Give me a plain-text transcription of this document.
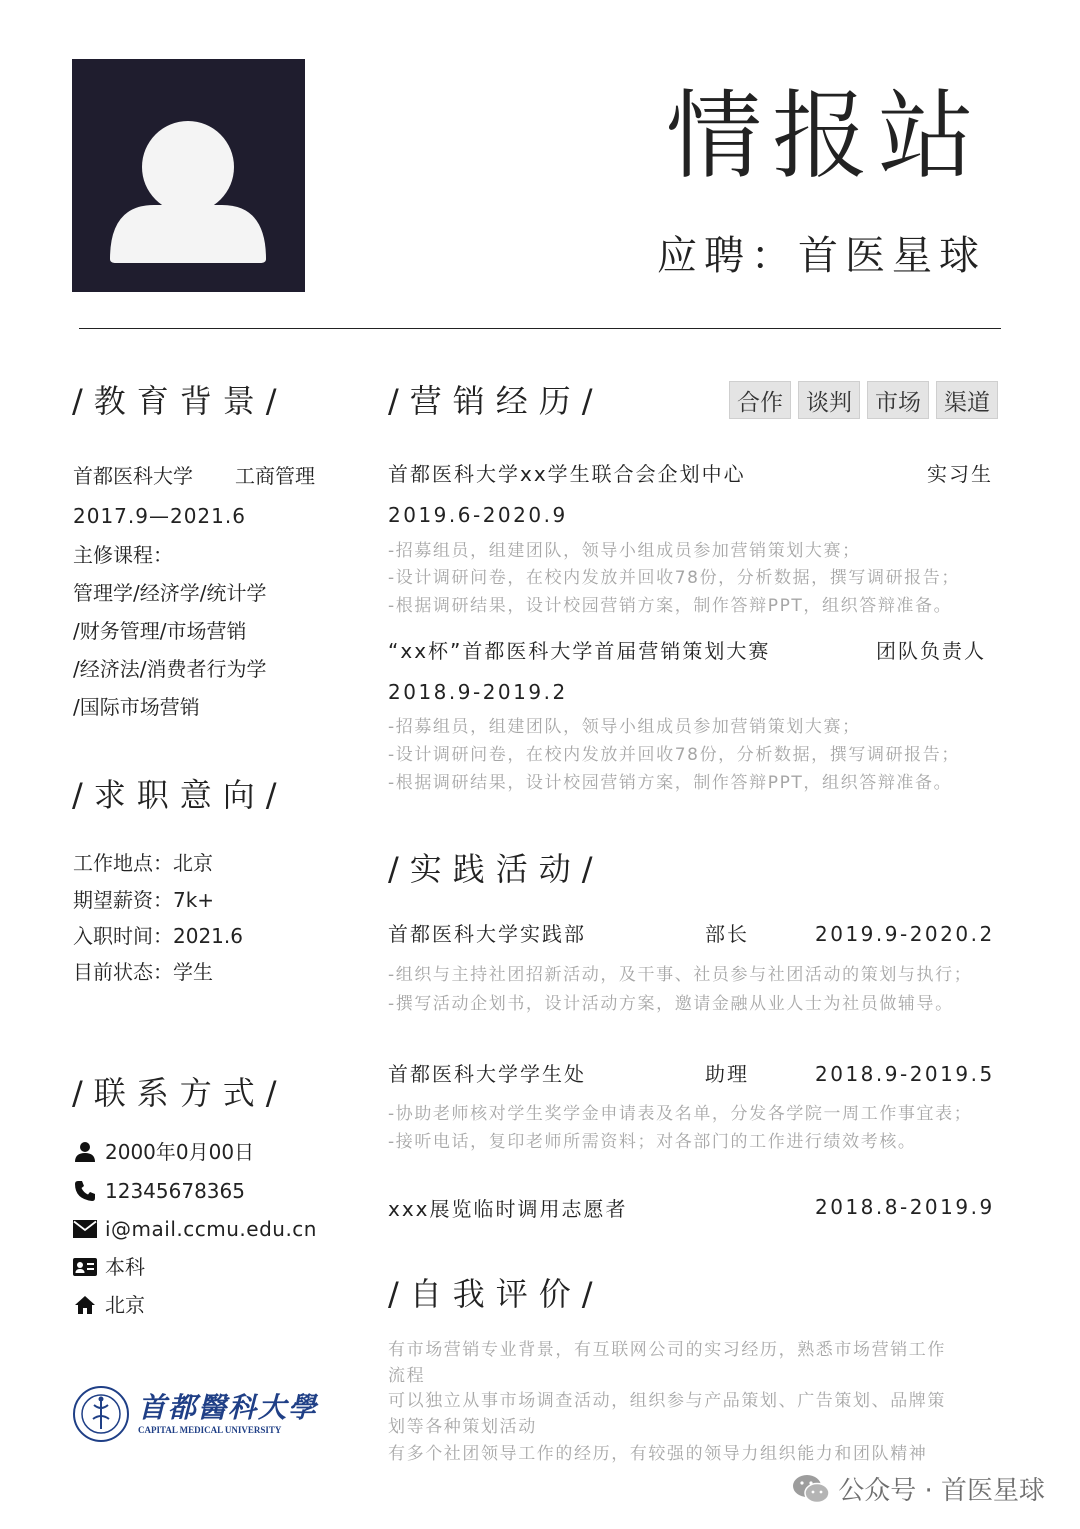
情报站
应聘：首医星球
/教育背景/
首都医科大学 工商管理
2017.9—2021.6
主修课程：
管理学/经济学/统计学
/财务管理/市场营销
/经济法/消费者行为学
/国际市场营销
/求职意向/
工作地点：北京
期望薪资：7k+
入职时间：2021.6
目前状态：学生
/联系方式/
2000年0月00日
12345678365
i@mail.ccmu.edu.cn
本科
北京
首都醫科大學
CAPITAL MEDICAL UNIVERSITY
/营销经历/	合作	谈判	市场	渠道
首都医科大学xx学生联合会企划中心	实习生
2019.6-2020.9
-招募组员，组建团队，领导小组成员参加营销策划大赛；
-设计调研问卷，在校内发放并回收78份，分析数据，撰写调研报告；
-根据调研结果，设计校园营销方案，制作答辩PPT，组织答辩准备。
“xx杯”首都医科大学首届营销策划大赛	团队负责人
2018.9-2019.2
-招募组员，组建团队，领导小组成员参加营销策划大赛；
-设计调研问卷，在校内发放并回收78份，分析数据，撰写调研报告；
-根据调研结果，设计校园营销方案，制作答辩PPT，组织答辩准备。
/实践活动/
首都医科大学实践部	部长	2019.9-2020.2
-组织与主持社团招新活动，及干事、社员参与社团活动的策划与执行；
-撰写活动企划书，设计活动方案，邀请金融从业人士为社员做辅导。
首都医科大学学生处	助理	2018.9-2019.5
-协助老师核对学生奖学金申请表及名单，分发各学院一周工作事宜表；
-接听电话，复印老师所需资料；对各部门的工作进行绩效考核。
xxx展览临时调用志愿者	2018.8-2019.9
/自我评价/
有市场营销专业背景，有互联网公司的实习经历，熟悉市场营销工作
流程
可以独立从事市场调查活动，组织参与产品策划、广告策划、品牌策
划等各种策划活动
有多个社团领导工作的经历，有较强的领导力组织能力和团队精神
公众号 · 首医星球
